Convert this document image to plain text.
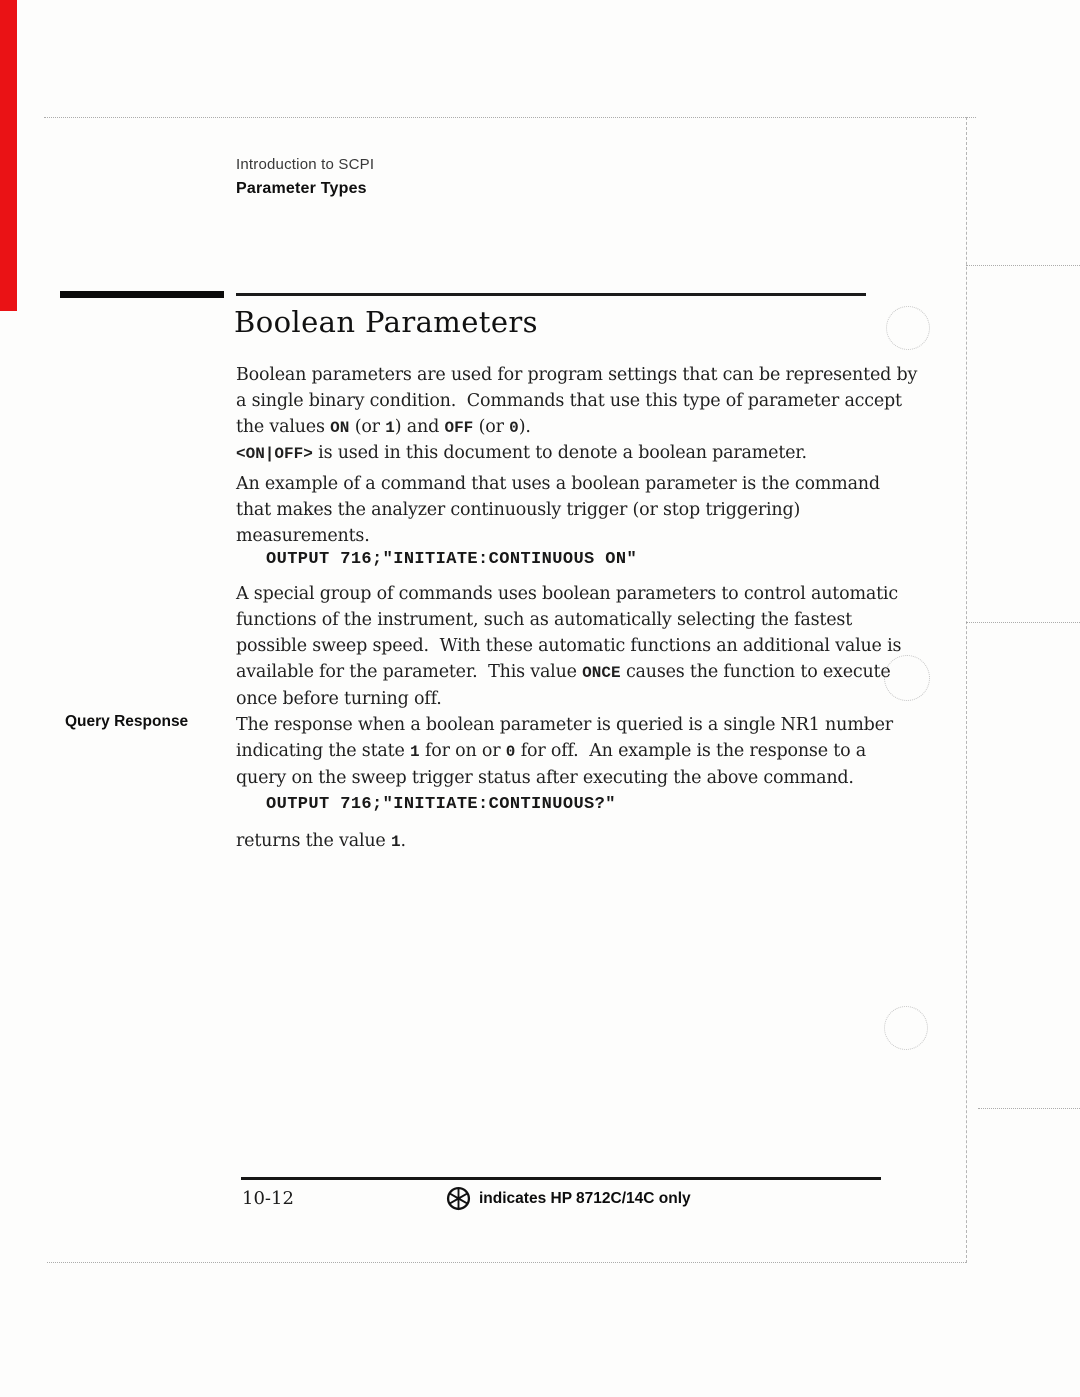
Introduction to SCPI
Parameter Types
Boolean Parameters

Boolean parameters are used for program settings that can be represented by
a single binary condition.  Commands that use this type of parameter accept
the values ON (or 1) and OFF (or 0).

<ON|OFF> is used in this document to denote a boolean parameter.

An example of a command that uses a boolean parameter is the command
that makes the analyzer continuously trigger (or stop triggering)
measurements.

OUTPUT 716;"INITIATE:CONTINUOUS ON"

A special group of commands uses boolean parameters to control automatic
functions of the instrument, such as automatically selecting the fastest
possible sweep speed.  With these automatic functions an additional value is
available for the parameter.  This value ONCE causes the function to execute
once before turning off.

Query Response	The response when a boolean parameter is queried is a single NR1 number
indicating the state 1 for on or 0 for off.  An example is the response to a
query on the sweep trigger status after executing the above command.

OUTPUT 716;"INITIATE:CONTINUOUS?"

returns the value 1.

10-12	indicates HP 8712C/14C only
